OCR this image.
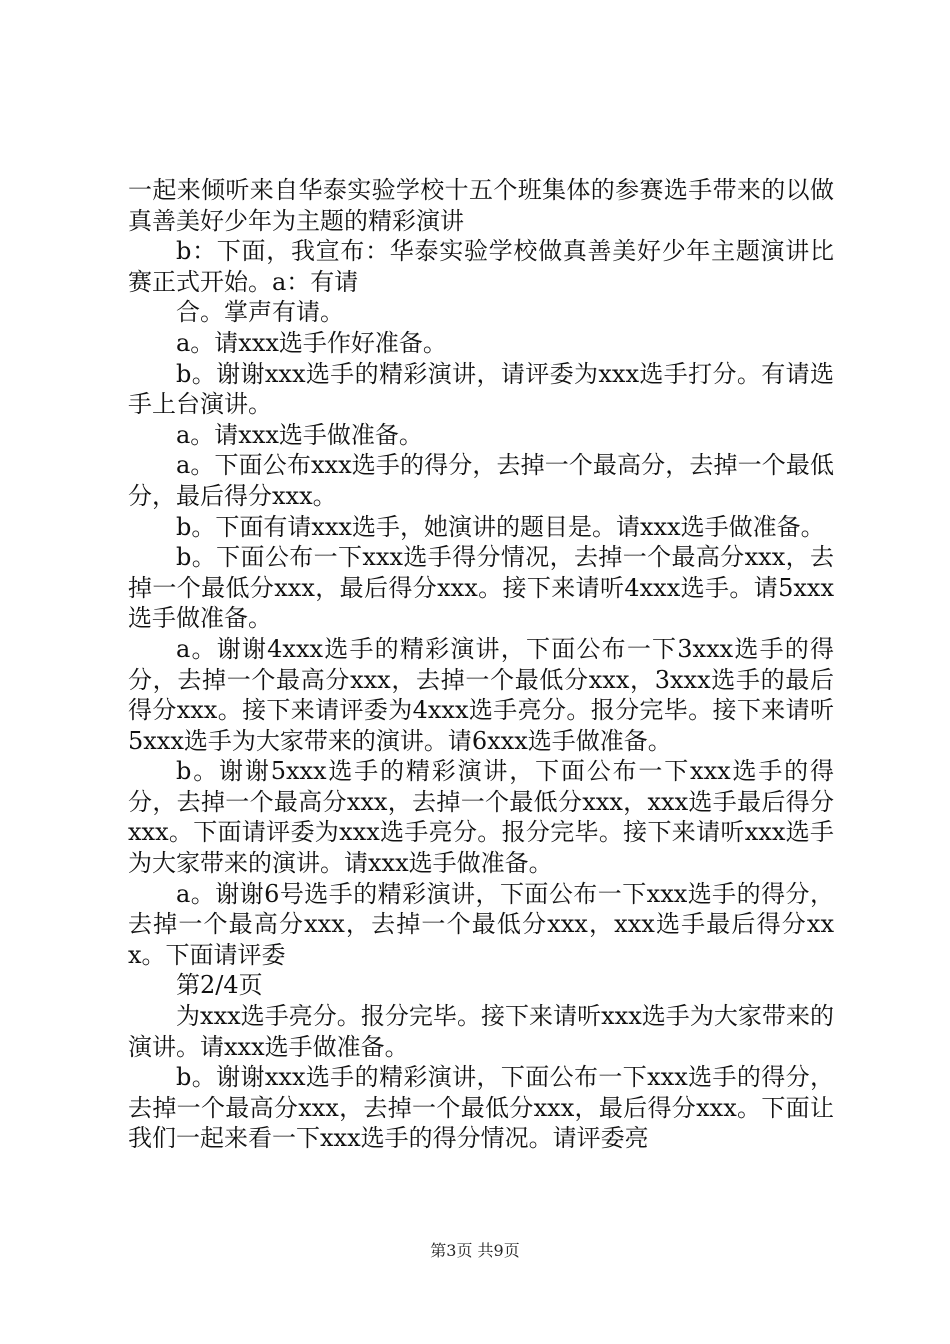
一起来倾听来自华泰实验学校十五个班集体的参赛选手带来的以做真善美好少年为主题的精彩演讲

b：下面，我宣布：华泰实验学校做真善美好少年主题演讲比赛正式开始。a：有请

合。掌声有请。

a。请xxx选手作好准备。

b。谢谢xxx选手的精彩演讲，请评委为xxx选手打分。有请选手上台演讲。

a。请xxx选手做准备。

a。下面公布xxx选手的得分，去掉一个最高分，去掉一个最低分，最后得分xxx。

b。下面有请xxx选手，她演讲的题目是。请xxx选手做准备。

b。下面公布一下xxx选手得分情况，去掉一个最高分xxx，去掉一个最低分xxx，最后得分xxx。接下来请听4xxx选手。请5xxx选手做准备。

a。谢谢4xxx选手的精彩演讲，下面公布一下3xxx选手的得分，去掉一个最高分xxx，去掉一个最低分xxx，3xxx选手的最后得分xxx。接下来请评委为4xxx选手亮分。报分完毕。接下来请听5xxx选手为大家带来的演讲。请6xxx选手做准备。

b。谢谢5xxx选手的精彩演讲，下面公布一下xxx选手的得分，去掉一个最高分xxx，去掉一个最低分xxx，xxx选手最后得分xxx。下面请评委为xxx选手亮分。报分完毕。接下来请听xxx选手为大家带来的演讲。请xxx选手做准备。

a。谢谢6号选手的精彩演讲，下面公布一下xxx选手的得分，去掉一个最高分xxx，去掉一个最低分xxx，xxx选手最后得分xxx。下面请评委

第2/4页

为xxx选手亮分。报分完毕。接下来请听xxx选手为大家带来的演讲。请xxx选手做准备。

b。谢谢xxx选手的精彩演讲，下面公布一下xxx选手的得分，去掉一个最高分xxx，去掉一个最低分xxx，最后得分xxx。下面让我们一起来看一下xxx选手的得分情况。请评委亮

第3页 共9页
